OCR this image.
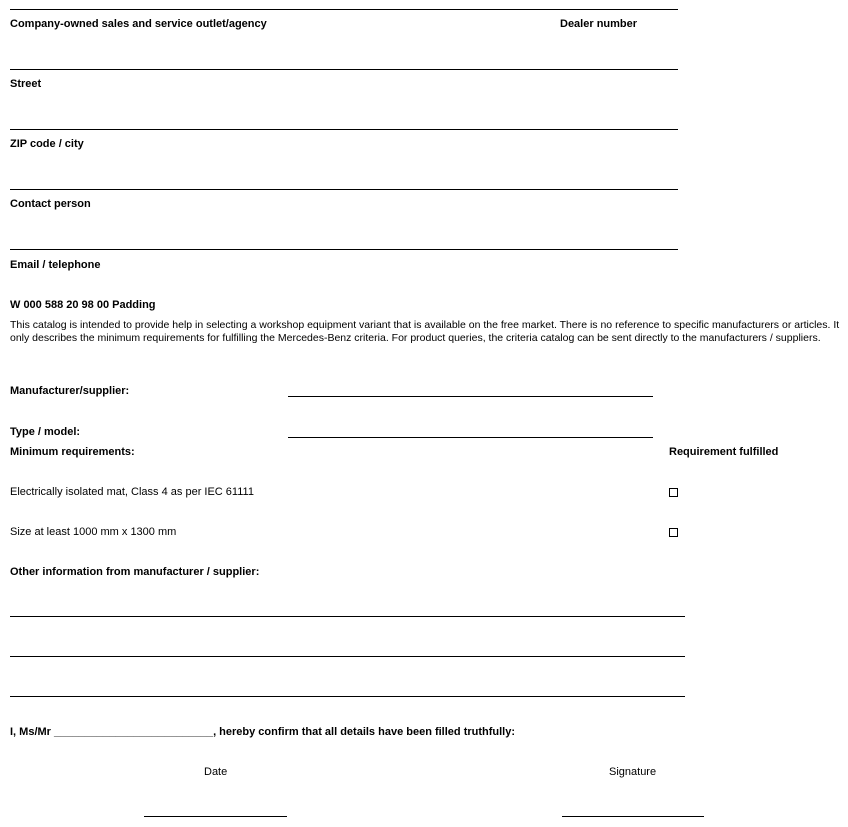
Company-owned sales and service outlet/agency	Dealer number
Street
ZIP code / city
Contact person
Email / telephone
W 000 588 20 98 00 Padding
This catalog is intended to provide help in selecting a workshop equipment variant that is available on the free market. There is no reference to specific manufacturers or articles. It only describes the minimum requirements for fulfilling the Mercedes-Benz criteria. For product queries, the criteria catalog can be sent directly to the manufacturers / suppliers.
Manufacturer/supplier:
Type / model:
Minimum requirements:	Requirement fulfilled
Electrically isolated mat, Class 4 as per IEC 61111
Size at least 1000 mm x 1300 mm
Other information from manufacturer / supplier:
I, Ms/Mr __________________________, hereby confirm that all details have been filled truthfully:
Date	Signature
